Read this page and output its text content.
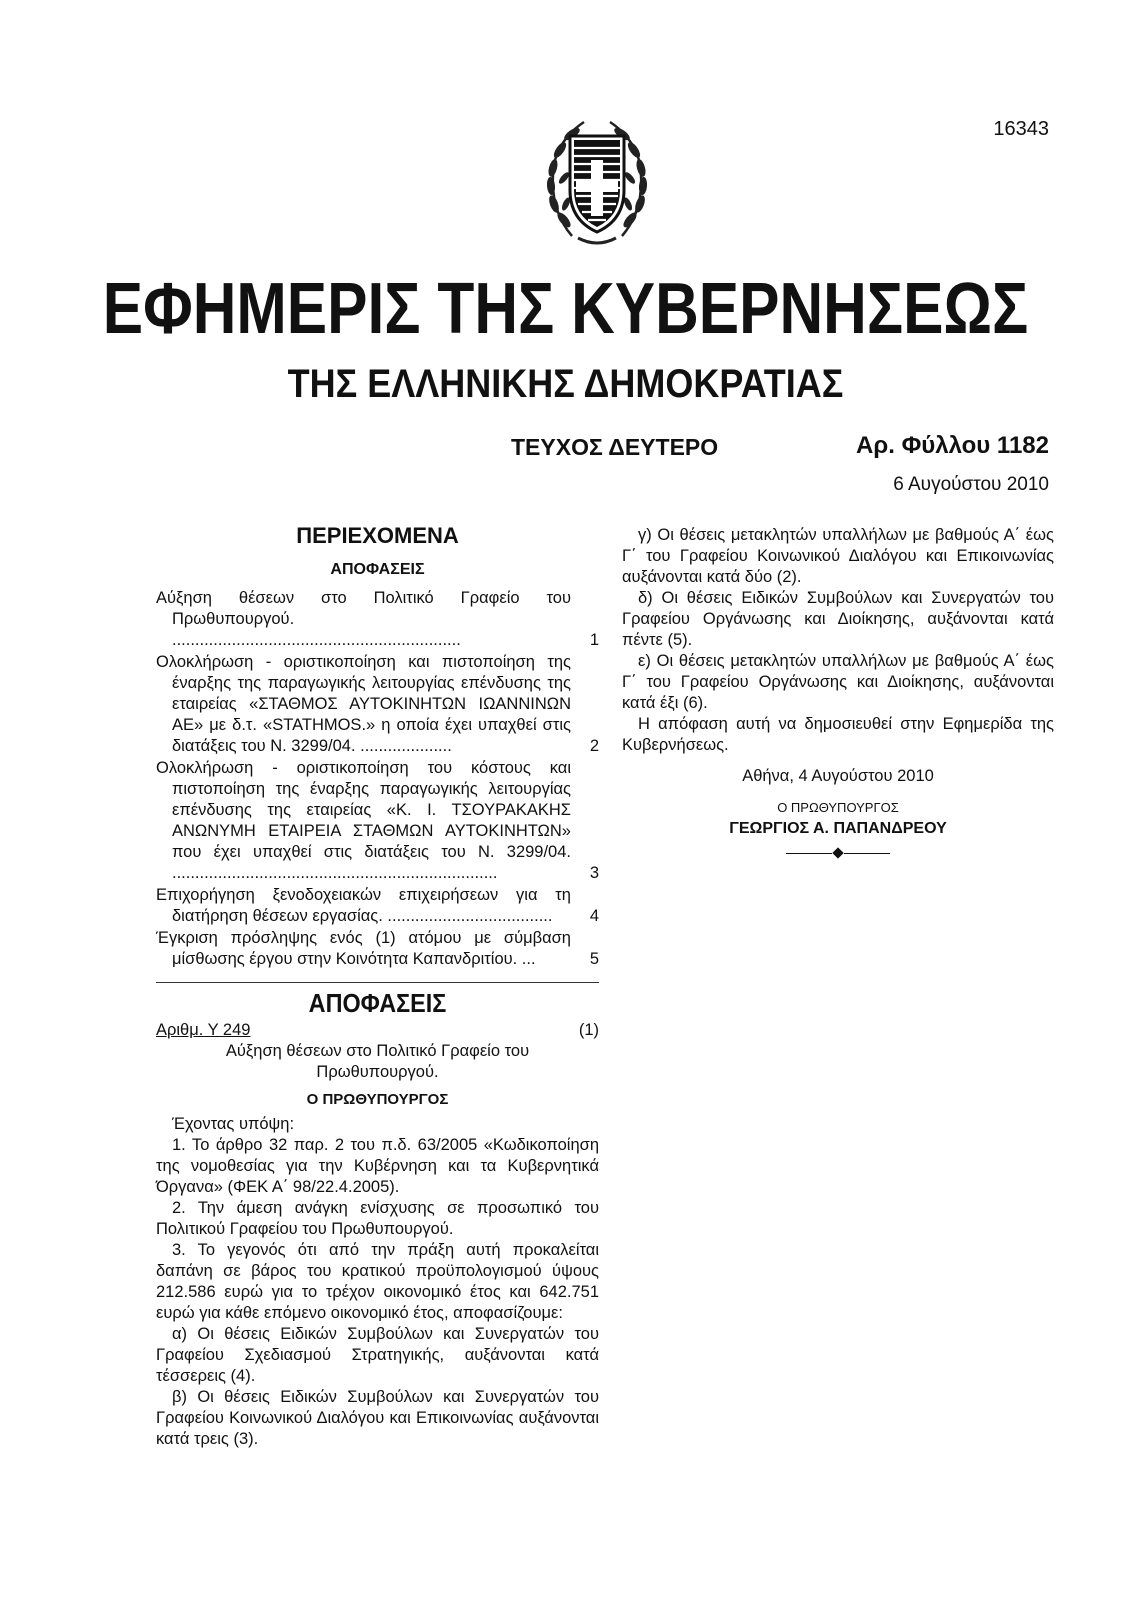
16343
ΕΦΗΜΕΡΙΣ ΤΗΣ ΚΥΒΕΡΝΗΣΕΩΣ
ΤΗΣ ΕΛΛΗΝΙΚΗΣ ΔΗΜΟΚΡΑΤΙΑΣ
ΤΕΥΧΟΣ ΔΕΥΤΕΡΟ	Αρ. Φύλλου 1182
6 Αυγούστου 2010
ΠΕΡΙΕΧΟΜΕΝΑ
ΑΠΟΦΑΣΕΙΣ
Αύξηση θέσεων στο Πολιτικό Γραφείο του Πρωθυπουργού. ...............................................................	1
Ολοκλήρωση - οριστικοποίηση και πιστοποίηση της έναρξης της παραγωγικής λειτουργίας επένδυσης της εταιρείας «ΣΤΑΘΜΟΣ ΑΥΤΟΚΙΝΗΤΩΝ ΙΩΑΝΝΙΝΩΝ ΑΕ» με δ.τ. «STATHMOS.» η οποία έχει υπαχθεί στις διατάξεις του Ν. 3299/04. ....................	2
Ολοκλήρωση - οριστικοποίηση του κόστους και πιστοποίηση της έναρξης παραγωγικής λειτουργίας επένδυσης της εταιρείας «Κ. Ι. ΤΣΟΥΡΑΚΑΚΗΣ ΑΝΩΝΥΜΗ ΕΤΑΙΡΕΙΑ ΣΤΑΘΜΩΝ ΑΥΤΟΚΙΝΗΤΩΝ» που έχει υπαχθεί στις διατάξεις του Ν. 3299/04. .......................................................................	3
Επιχορήγηση ξενοδοχειακών επιχειρήσεων για τη διατήρηση θέσεων εργασίας. ....................................	4
Έγκριση πρόσληψης ενός (1) ατόμου με σύμβαση μίσθωσης έργου στην Κοινότητα Καπανδριτίου. ...	5
ΑΠΟΦΑΣΕΙΣ
Αριθμ. Υ 249	(1)
Αύξηση θέσεων στο Πολιτικό Γραφείο του Πρωθυπουργού.
Ο ΠΡΩΘΥΠΟΥΡΓΟΣ

Έχοντας υπόψη:

1. Το άρθρο 32 παρ. 2 του π.δ. 63/2005 «Κωδικοποίηση της νομοθεσίας για την Κυβέρνηση και τα Κυβερνητικά Όργανα» (ΦΕΚ Α΄ 98/22.4.2005).

2. Την άμεση ανάγκη ενίσχυσης σε προσωπικό του Πολιτικού Γραφείου του Πρωθυπουργού.

3. Το γεγονός ότι από την πράξη αυτή προκαλείται δαπάνη σε βάρος του κρατικού προϋπολογισμού ύψους 212.586 ευρώ για το τρέχον οικονομικό έτος και 642.751 ευρώ για κάθε επόμενο οικονομικό έτος, αποφασίζουμε:

α) Οι θέσεις Ειδικών Συμβούλων και Συνεργατών του Γραφείου Σχεδιασμού Στρατηγικής, αυξάνονται κατά τέσσερεις (4).

β) Οι θέσεις Ειδικών Συμβούλων και Συνεργατών του Γραφείου Κοινωνικού Διαλόγου και Επικοινωνίας αυξάνονται κατά τρεις (3).

γ) Οι θέσεις μετακλητών υπαλλήλων με βαθμούς Α΄ έως Γ΄ του Γραφείου Κοινωνικού Διαλόγου και Επικοινωνίας αυξάνονται κατά δύο (2).

δ) Οι θέσεις Ειδικών Συμβούλων και Συνεργατών του Γραφείου Οργάνωσης και Διοίκησης, αυξάνονται κατά πέντε (5).

ε) Οι θέσεις μετακλητών υπαλλήλων με βαθμούς Α΄ έως Γ΄ του Γραφείου Οργάνωσης και Διοίκησης, αυξάνονται κατά έξι (6).

Η απόφαση αυτή να δημοσιευθεί στην Εφημερίδα της Κυβερνήσεως.

Αθήνα, 4 Αυγούστου 2010
Ο ΠΡΩΘΥΠΟΥΡΓΟΣ
ΓΕΩΡΓΙΟΣ Α. ΠΑΠΑΝΔΡΕΟΥ
